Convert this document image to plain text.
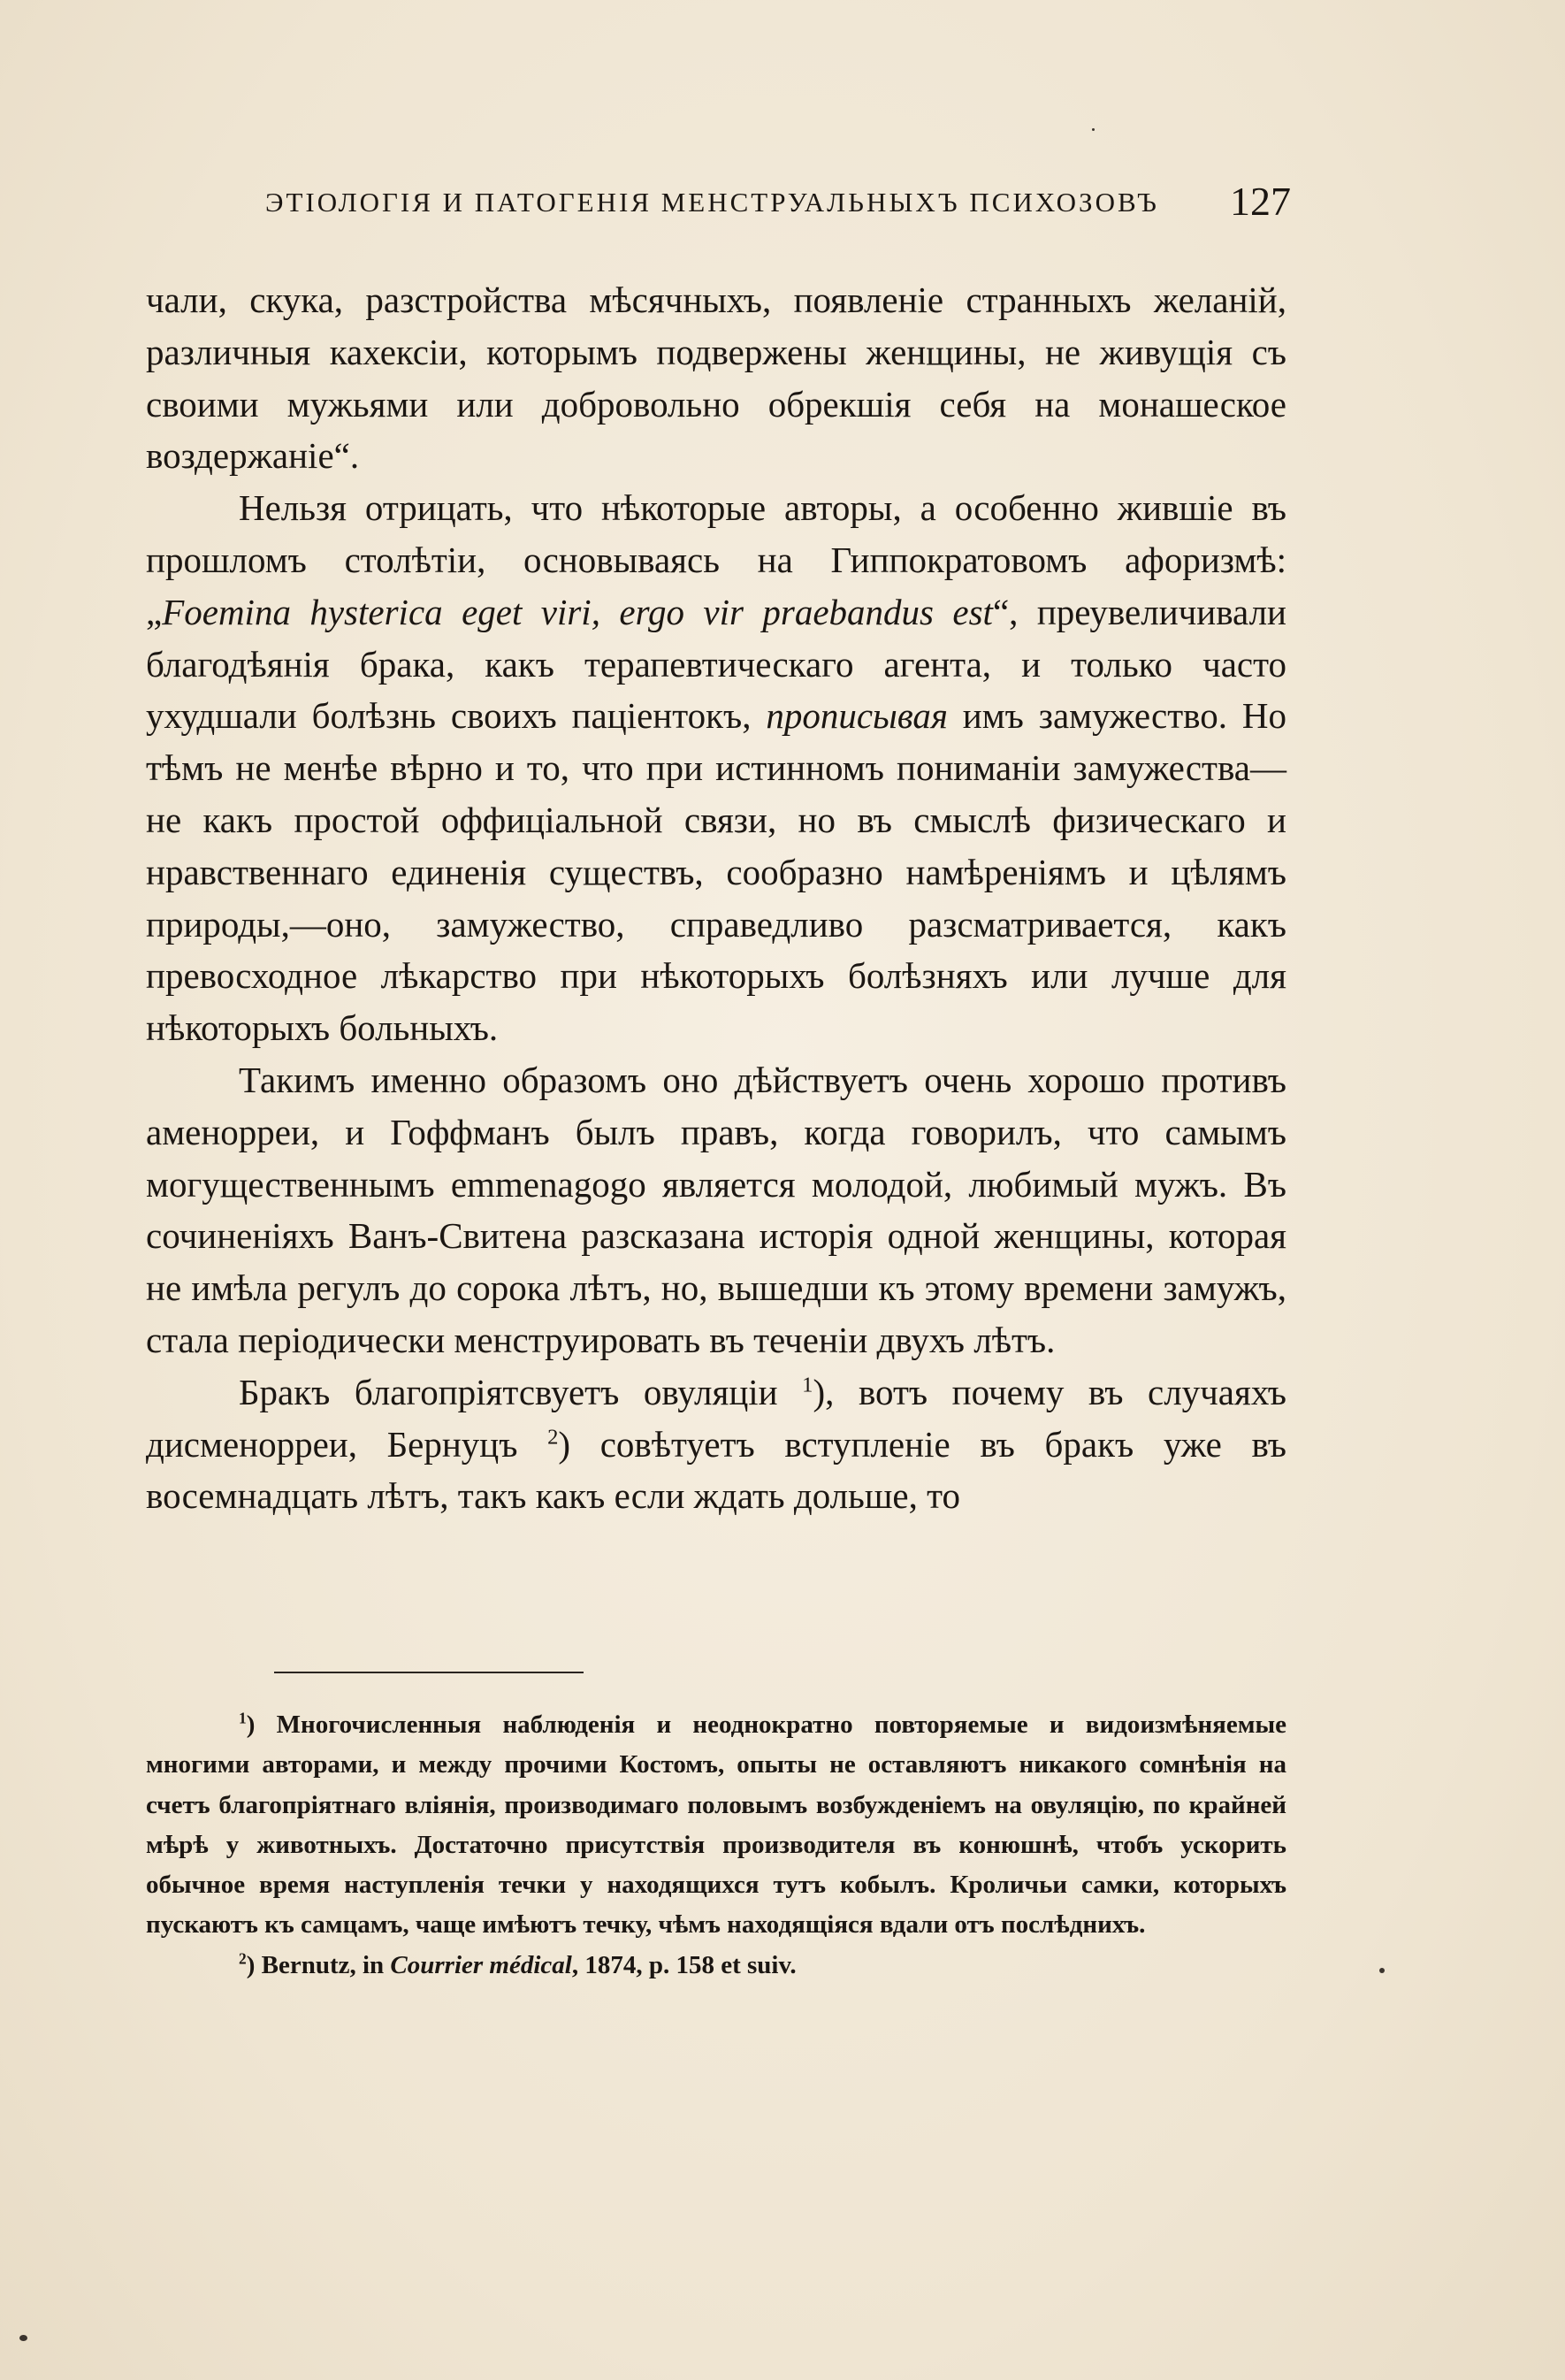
ЭТІОЛОГІЯ И ПАТОГЕНІЯ МЕНСТРУАЛЬНЫХЪ ПСИХОЗОВЪ 127

чали, скука, разстройства мѣсячныхъ, появленіе странныхъ желаній, различныя кахексіи, которымъ подвержены женщины, не живущія съ своими мужьями или добровольно обрекшія себя на монашеское воздержаніе“.

Нельзя отрицать, что нѣкоторые авторы, а особенно жившіе въ прошломъ столѣтіи, основываясь на Гиппократовомъ афоризмѣ: „Foemina hysterica eget viri, ergo vir praebandus est“, преувеличивали благодѣянія брака, какъ терапевтическаго агента, и только часто ухудшали болѣзнь своихъ паціентокъ, прописывая имъ замужество. Но тѣмъ не менѣе вѣрно и то, что при истинномъ пониманіи замужества—не какъ простой оффиціальной связи, но въ смыслѣ физическаго и нравственнаго единенія существъ, сообразно намѣреніямъ и цѣлямъ природы,—оно, замужество, справедливо разсматривается, какъ превосходное лѣкарство при нѣкоторыхъ болѣзняхъ или лучше для нѣкоторыхъ больныхъ.

Такимъ именно образомъ оно дѣйствуетъ очень хорошо противъ аменорреи, и Гоффманъ былъ правъ, когда говорилъ, что самымъ могущественнымъ emmenagogo является молодой, любимый мужъ. Въ сочиненіяхъ Ванъ-Свитена разсказана исторія одной женщины, которая не имѣла регулъ до сорока лѣтъ, но, вышедши къ этому времени замужъ, стала періодически менструировать въ теченіи двухъ лѣтъ.

Бракъ благопріятсвуетъ овуляціи $^1$), вотъ почему въ случаяхъ дисменорреи, Бернуцъ $^2$) совѣтуетъ вступленіе въ бракъ уже въ восемнадцать лѣтъ, такъ какъ если ждать дольше, то

$^1$) Многочисленныя наблюденія и неоднократно повторяемые и видоизмѣняемые многими авторами, и между прочими Костомъ, опыты не оставляютъ никакого сомнѣнія на счетъ благопріятнаго вліянія, производимаго половымъ возбужденіемъ на овуляцію, по крайней мѣрѣ у животныхъ. Достаточно присутствія производителя въ конюшнѣ, чтобъ ускорить обычное время наступленія течки у находящихся тутъ кобылъ. Кроличьи самки, которыхъ пускаютъ къ самцамъ, чаще имѣютъ течку, чѣмъ находящіяся вдали отъ послѣднихъ.

$^2$) Bernutz, in Courrier médical, 1874, p. 158 et suiv.
